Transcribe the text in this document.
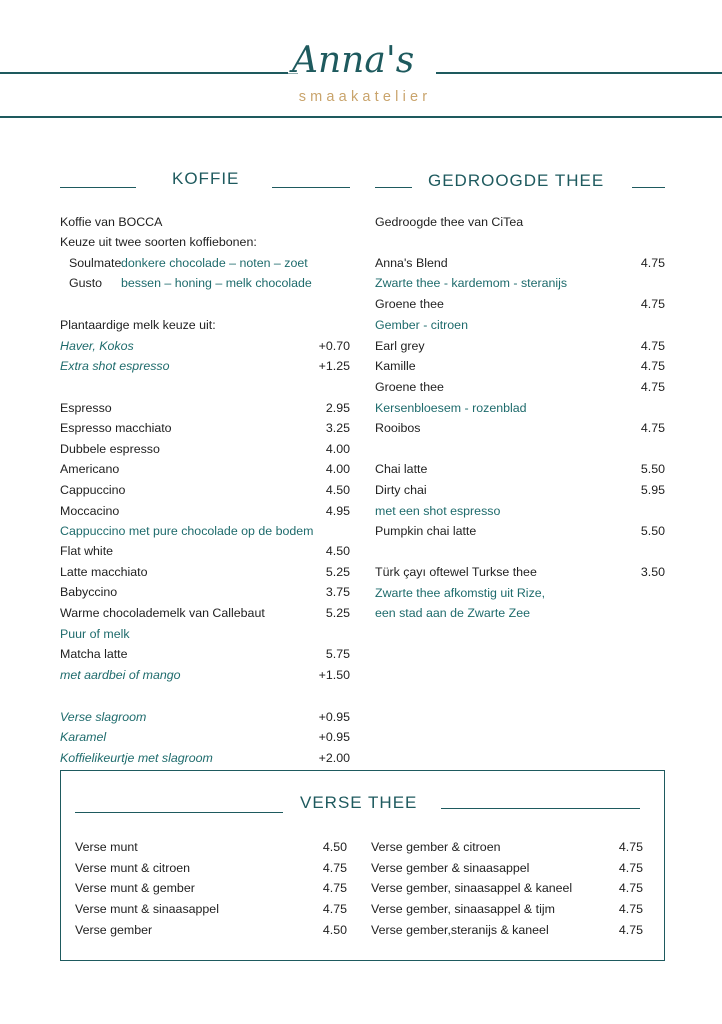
Anna's
smaakatelier
KOFFIE	GEDROOGDE THEE
Koffie van BOCCA
Keuze uit twee soorten koffiebonen:
Soulmate donkere chocolade – noten – zoet
Gusto bessen – honing – melk chocolade
Plantaardige melk keuze uit:
Haver, Kokos	+0.70
Extra shot espresso	+1.25
Espresso	2.95
Espresso macchiato	3.25
Dubbele espresso	4.00
Americano	4.00
Cappuccino	4.50
Moccacino	4.95
Cappuccino met pure chocolade op de bodem
Flat white	4.50
Latte macchiato	5.25
Babyccino	3.75
Warme chocolademelk van Callebaut	5.25
Puur of melk
Matcha latte	5.75
met aardbei of mango	+1.50
Verse slagroom	+0.95
Karamel	+0.95
Koffielikeurtje met slagroom	+2.00
Gedroogde thee van CiTea
Anna's Blend	4.75
Zwarte thee - kardemom - steranijs
Groene thee	4.75
Gember - citroen
Earl grey	4.75
Kamille	4.75
Groene thee	4.75
Kersenbloesem - rozenblad
Rooibos	4.75
Chai latte	5.50
Dirty chai	5.95
met een shot espresso
Pumpkin chai latte	5.50
Türk çayı oftewel Turkse thee	3.50
Zwarte thee afkomstig uit Rize,
een stad aan de Zwarte Zee
VERSE THEE
Verse munt	4.50
Verse munt & citroen	4.75
Verse munt & gember	4.75
Verse munt & sinaasappel	4.75
Verse gember	4.50
Verse gember & citroen	4.75
Verse gember & sinaasappel	4.75
Verse gember, sinaasappel & kaneel	4.75
Verse gember, sinaasappel & tijm	4.75
Verse gember,steranijs & kaneel	4.75
